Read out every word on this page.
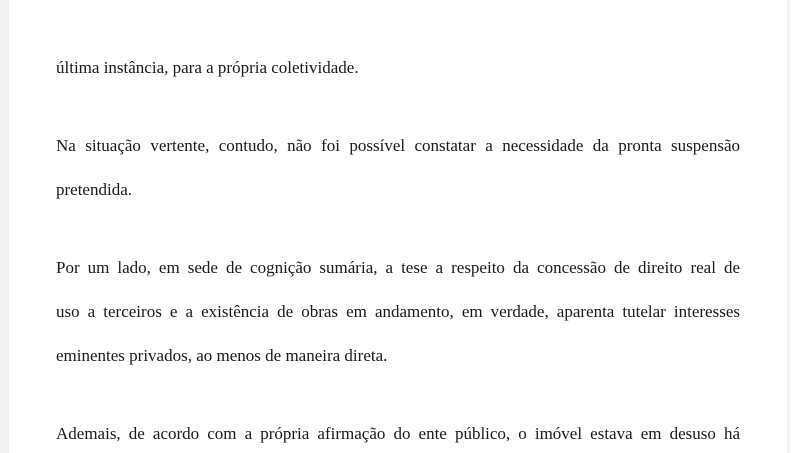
última instância, para a própria coletividade.

Na situação vertente, contudo, não foi possível constatar a necessidade da pronta suspensão

pretendida.

Por um lado, em sede de cognição sumária, a tese a respeito da concessão de direito real de

uso a terceiros e a existência de obras em andamento, em verdade, aparenta tutelar interesses

eminentes privados, ao menos de maneira direta.

Ademais, de acordo com a própria afirmação do ente público, o imóvel estava em desuso há
